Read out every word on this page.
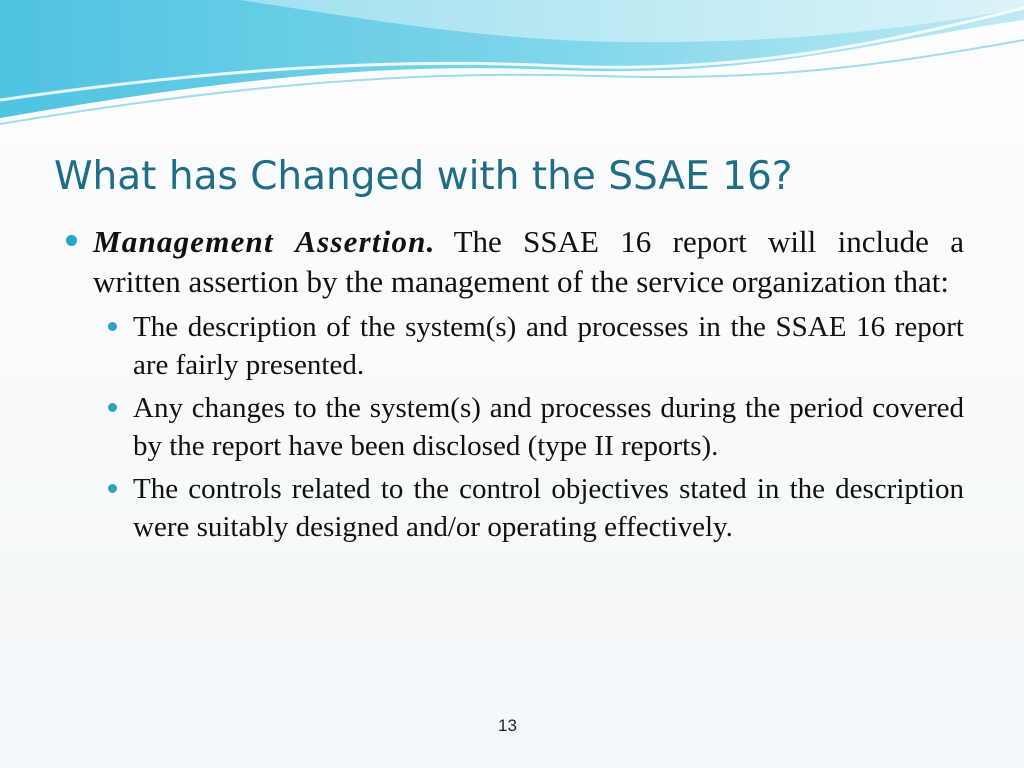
What has Changed with the SSAE 16?
Management Assertion. The SSAE 16 report will include a written assertion by the management of the service organization that:
The description of the system(s) and processes in the SSAE 16 report are fairly presented.
Any changes to the system(s) and processes during the period covered by the report have been disclosed (type II reports).
The controls related to the control objectives stated in the description were suitably designed and/or operating effectively.
13
